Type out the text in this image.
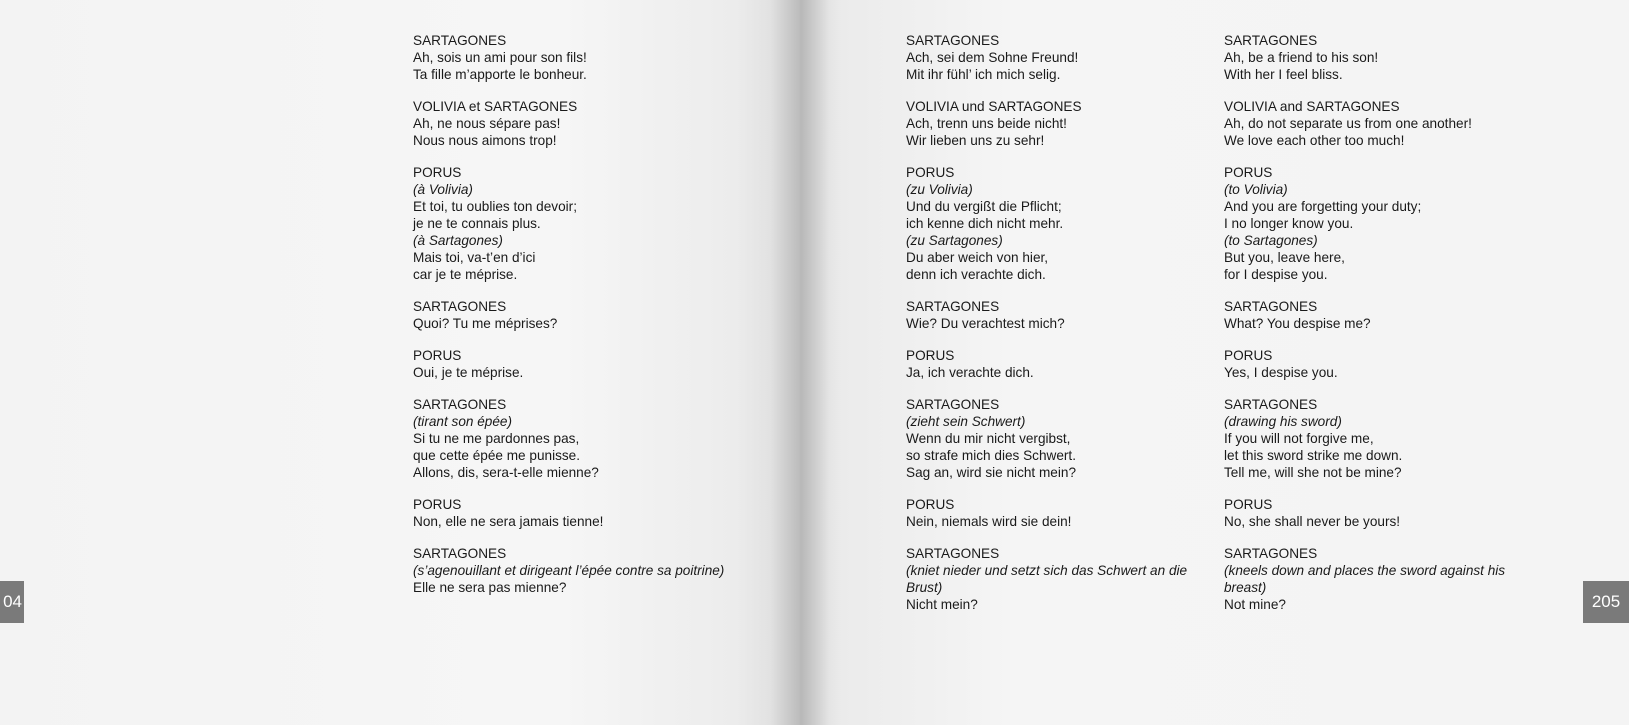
SARTAGONES
Ah, sois un ami pour son fils!
Ta fille m’apporte le bonheur.
VOLIVIA et SARTAGONES
Ah, ne nous sépare pas!
Nous nous aimons trop!
PORUS
(à Volivia)
Et toi, tu oublies ton devoir;
je ne te connais plus.
(à Sartagones)
Mais toi, va-t’en d’ici
car je te méprise.
SARTAGONES
Quoi? Tu me méprises?
PORUS
Oui, je te méprise.
SARTAGONES
(tirant son épée)
Si tu ne me pardonnes pas,
que cette épée me punisse.
Allons, dis, sera-t-elle mienne?
PORUS
Non, elle ne sera jamais tienne!
SARTAGONES
(s’agenouillant et dirigeant l’épée contre sa poitrine)
Elle ne sera pas mienne?
SARTAGONES
Ach, sei dem Sohne Freund!
Mit ihr fühl’ ich mich selig.
VOLIVIA und SARTAGONES
Ach, trenn uns beide nicht!
Wir lieben uns zu sehr!
PORUS
(zu Volivia)
Und du vergißt die Pflicht;
ich kenne dich nicht mehr.
(zu Sartagones)
Du aber weich von hier,
denn ich verachte dich.
SARTAGONES
Wie? Du verachtest mich?
PORUS
Ja, ich verachte dich.
SARTAGONES
(zieht sein Schwert)
Wenn du mir nicht vergibst,
so strafe mich dies Schwert.
Sag an, wird sie nicht mein?
PORUS
Nein, niemals wird sie dein!
SARTAGONES
(kniet nieder und setzt sich das Schwert an die Brust)
Nicht mein?
SARTAGONES
Ah, be a friend to his son!
With her I feel bliss.
VOLIVIA and SARTAGONES
Ah, do not separate us from one another!
We love each other too much!
PORUS
(to Volivia)
And you are forgetting your duty;
I no longer know you.
(to Sartagones)
But you, leave here,
for I despise you.
SARTAGONES
What? You despise me?
PORUS
Yes, I despise you.
SARTAGONES
(drawing his sword)
If you will not forgive me,
let this sword strike me down.
Tell me, will she not be mine?
PORUS
No, she shall never be yours!
SARTAGONES
(kneels down and places the sword against his breast)
Not mine?
04	205
